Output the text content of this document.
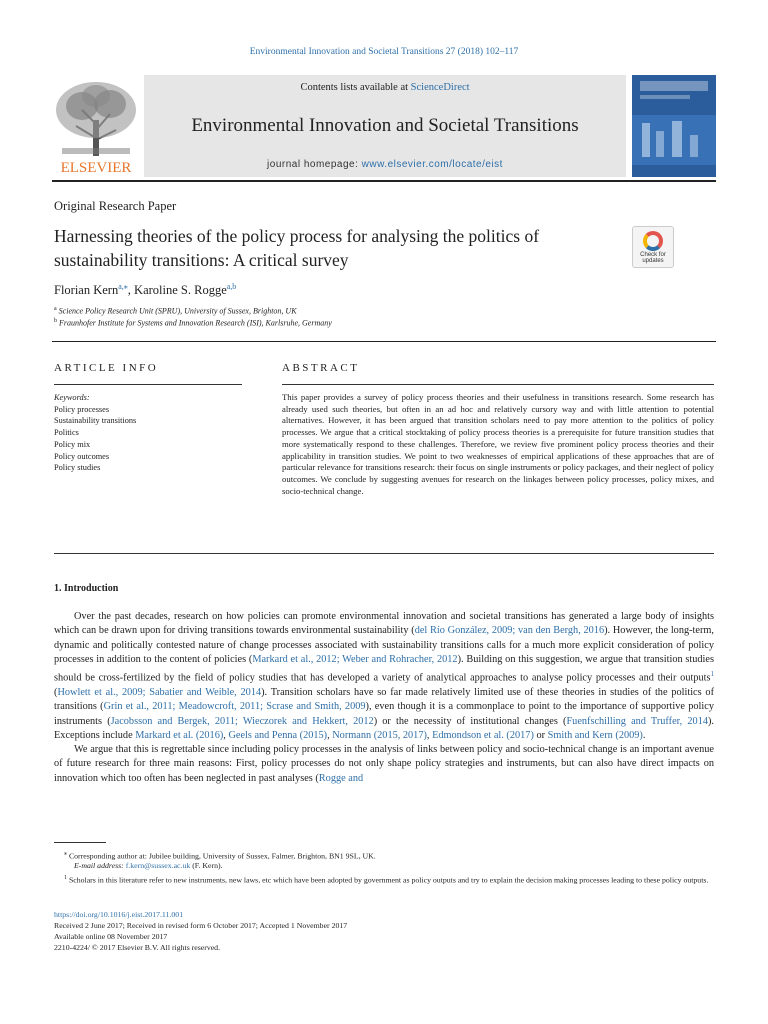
Environmental Innovation and Societal Transitions 27 (2018) 102–117
ELSEVIER
Contents lists available at ScienceDirect
Environmental Innovation and Societal Transitions
journal homepage: www.elsevier.com/locate/eist
Original Research Paper
Harnessing theories of the policy process for analysing the politics of sustainability transitions: A critical survey	Check for
updates
Florian Kern$^{a,⁎}$, Karoline S. Rogge$^{a,b}$
$^a$ Science Policy Research Unit (SPRU), University of Sussex, Brighton, UK
$^b$ Fraunhofer Institute for Systems and Innovation Research (ISI), Karlsruhe, Germany
ARTICLE INFO	ABSTRACT
Keywords:
Policy processes
Sustainability transitions
Politics
Policy mix
Policy outcomes
Policy studies
This paper provides a survey of policy process theories and their usefulness in transitions research. Some research has already used such theories, but often in an ad hoc and relatively cursory way and with little attention to potential alternatives. However, it has been argued that transition scholars need to pay more attention to the politics of policy processes. We argue that a critical stocktaking of policy process theories is a prerequisite for future transition studies that more systematically respond to these challenges. Therefore, we review five prominent policy process theories and their applicability in transition studies. We point to two weaknesses of empirical applications of these approaches that are of particular relevance for transitions research: their focus on single instruments or policy packages, and their neglect of policy outcomes. We conclude by suggesting avenues for research on the linkages between policy processes, policy mixes, and socio-technical change.
1. Introduction

Over the past decades, research on how policies can promote environmental innovation and societal transitions has generated a large body of insights which can be drawn upon for driving transitions towards environmental sustainability (del Río González, 2009; van den Bergh, 2016). However, the long-term, dynamic and politically contested nature of change processes associated with sustainability transitions calls for a much more explicit consideration of policy processes in addition to the content of policies (Markard et al., 2012; Weber and Rohracher, 2012). Building on this suggestion, we argue that transition studies should be cross-fertilized by the field of policy studies that has developed a variety of analytical approaches to analyse policy processes and their outputs$^1$ (Howlett et al., 2009; Sabatier and Weible, 2014). Transition scholars have so far made relatively limited use of these theories in studies of the politics of transitions (Grin et al., 2011; Meadowcroft, 2011; Scrase and Smith, 2009), even though it is a commonplace to point to the importance of supportive policy instruments (Jacobsson and Bergek, 2011; Wieczorek and Hekkert, 2012) or the necessity of institutional changes (Fuenfschilling and Truffer, 2014). Exceptions include Markard et al. (2016), Geels and Penna (2015), Normann (2015, 2017), Edmondson et al. (2017) or Smith and Kern (2009).

We argue that this is regrettable since including policy processes in the analysis of links between policy and socio-technical change is an important avenue of future research for three main reasons: First, policy processes do not only shape policy strategies and instruments, but can also have direct impacts on innovation which too often has been neglected in past analyses (Rogge and

⁎ Corresponding author at: Jubilee building, University of Sussex, Falmer, Brighton, BN1 9SL, UK.
E-mail address: f.kern@sussex.ac.uk (F. Kern).
$^1$ Scholars in this literature refer to new instruments, new laws, etc which have been adopted by government as policy outputs and try to explain the decision making processes leading to these policy outputs.
https://doi.org/10.1016/j.eist.2017.11.001
Received 2 June 2017; Received in revised form 6 October 2017; Accepted 1 November 2017
Available online 08 November 2017
2210-4224/ © 2017 Elsevier B.V. All rights reserved.
